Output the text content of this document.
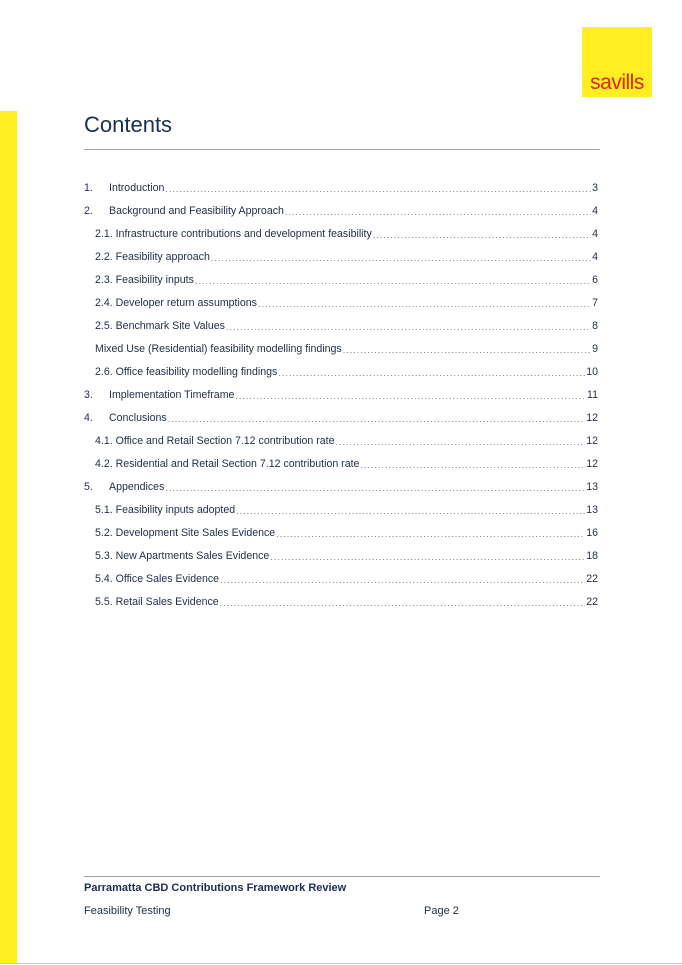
savills
Contents
1.	Introduction .....	3
2.	Background and Feasibility Approach .....	4
2.1. Infrastructure contributions and development feasibility .....	4
2.2. Feasibility approach .....	4
2.3. Feasibility inputs .....	6
2.4. Developer return assumptions .....	7
2.5. Benchmark Site Values .....	8
Mixed Use (Residential) feasibility modelling findings .....	9
2.6. Office feasibility modelling findings .....	10
3.	Implementation Timeframe .....	11
4.	Conclusions .....	12
4.1. Office and Retail Section 7.12 contribution rate .....	12
4.2. Residential and Retail Section 7.12 contribution rate .....	12
5.	Appendices .....	13
5.1. Feasibility inputs adopted .....	13
5.2. Development Site Sales Evidence .....	16
5.3. New Apartments Sales Evidence .....	18
5.4. Office Sales Evidence .....	22
5.5. Retail Sales Evidence .....	22
Parramatta CBD Contributions Framework Review
Feasibility Testing	Page 2
